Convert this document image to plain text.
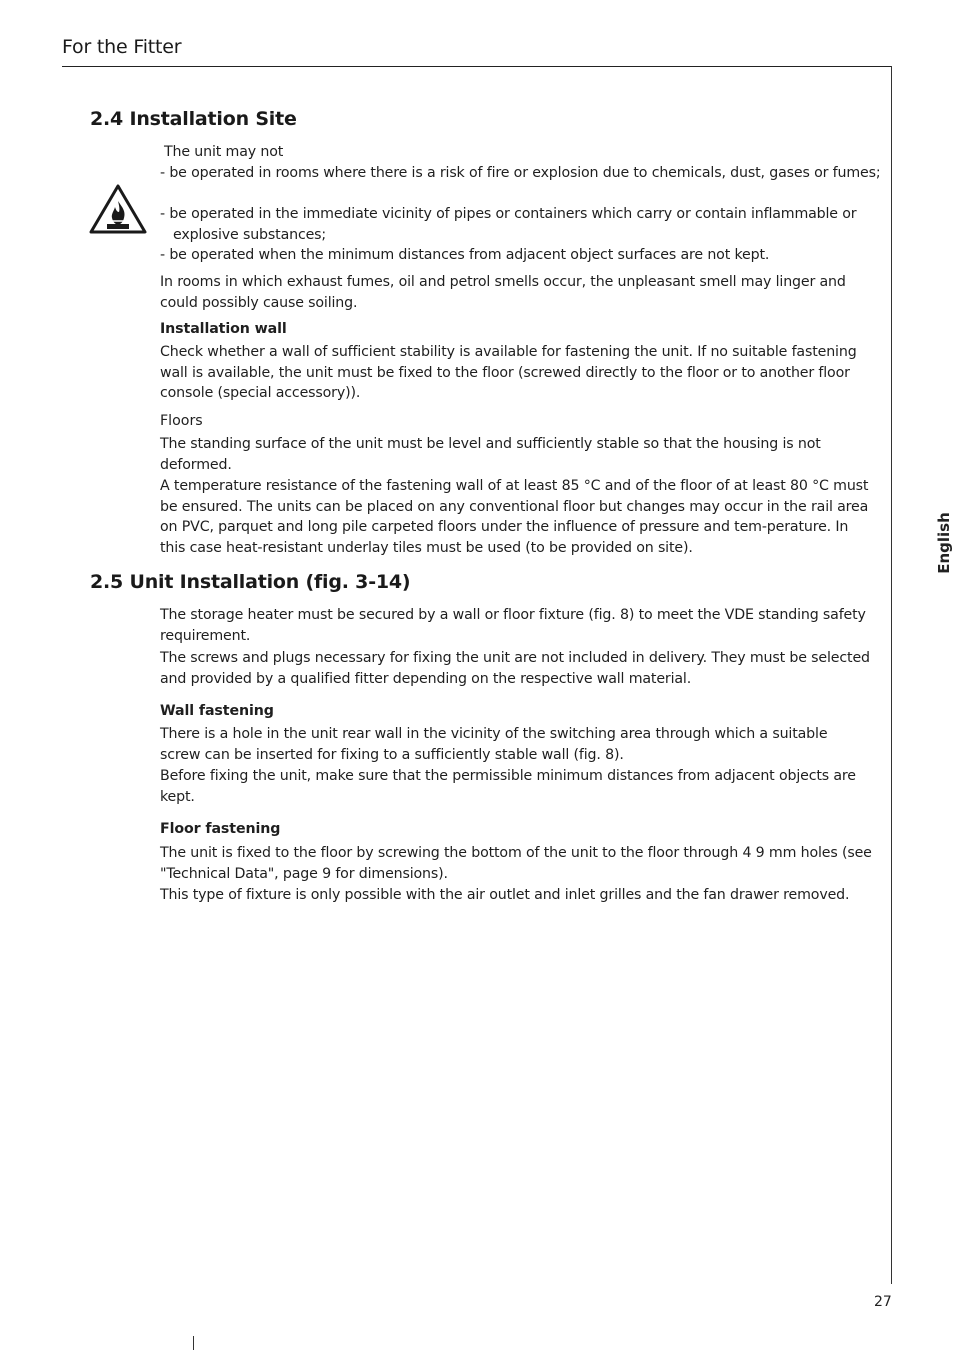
For the Fitter
English
2.4 Installation Site
The unit may not
- be operated in rooms where there is a risk of fire or explosion due to chemicals, dust, gases or fumes;
- be operated in the immediate vicinity of pipes or containers which carry or contain inflammable or explosive substances;
- be operated when the minimum distances from adjacent object surfaces are not kept.
In rooms in which exhaust fumes, oil and petrol smells occur, the unpleasant smell may linger and could possibly cause soiling.
Installation wall
Check whether a wall of sufficient stability is available for fastening the unit. If no suitable fastening wall is available, the unit must be fixed to the floor (screwed directly to the floor or to another floor console (special accessory)).
Floors
The standing surface of the unit must be level and sufficiently stable so that the housing is not deformed.
A temperature resistance of the fastening wall of at least 85 °C and of the floor of at least 80 °C must be ensured. The units can be placed on any conventional floor but changes may occur in the rail area on PVC, parquet and long pile carpeted floors under the influence of pressure and tem-perature. In this case heat-resistant underlay tiles must be used (to be provided on site).
2.5 Unit Installation (fig. 3-14)
The storage heater must be secured by a wall or floor fixture (fig. 8) to meet the VDE standing safety requirement.
The screws and plugs necessary for fixing the unit are not included in delivery. They must be selected and provided by a qualified fitter depending on the respective wall material.
Wall fastening
There is a hole in the unit rear wall in the vicinity of the switching area through which a suitable screw can be inserted for fixing to a sufficiently stable wall (fig. 8).
Before fixing the unit, make sure that the permissible minimum distances from adjacent objects are kept.
Floor fastening
The unit is fixed to the floor by screwing the bottom of the unit to the floor through 4 9 mm holes (see "Technical Data", page 9 for dimensions).
This type of fixture is only possible with the air outlet and inlet grilles and the fan drawer removed.
27
